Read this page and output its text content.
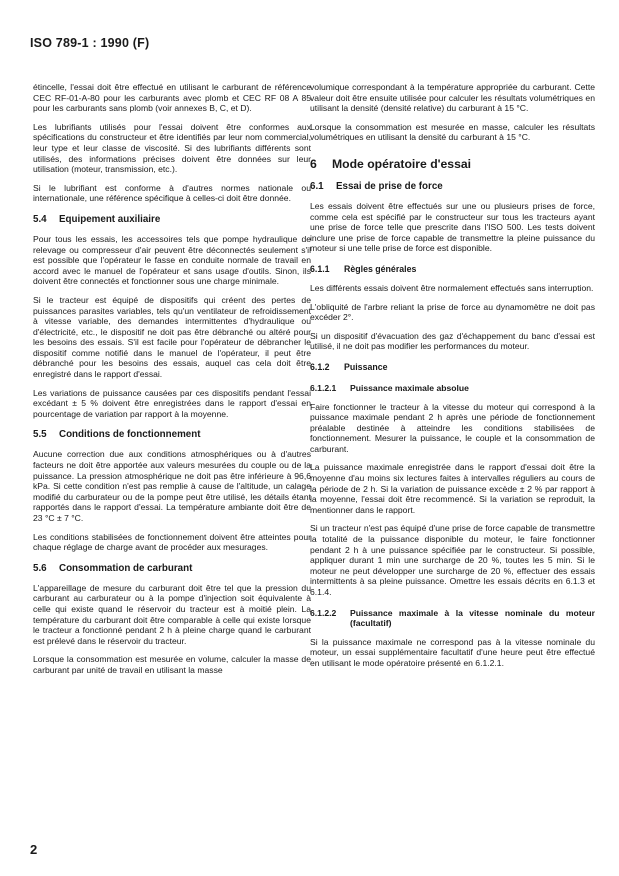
ISO 789-1 : 1990 (F)

étincelle, l'essai doit être effectué en utilisant le carburant de référence CEC RF-01-A-80 pour les carburants avec plomb et CEC RF 08 A 85 pour les carburants sans plomb (voir annexes B, C, et D).

Les lubrifiants utilisés pour l'essai doivent être conformes aux spécifications du constructeur et être identifiés par leur nom commercial, leur type et leur classe de viscosité. Si des lubrifiants différents sont utilisés, des informations précises doivent être données sur leur utilisation (moteur, transmission, etc.).

Si le lubrifiant est conforme à d'autres normes nationale ou internationale, une référence spécifique à celles-ci doit être donnée.

5.4 Equipement auxiliaire

Pour tous les essais, les accessoires tels que pompe hydraulique de relevage ou compresseur d'air peuvent être déconnectés seulement s'il est possible que l'opérateur le fasse en conduite normale de travail en accord avec le manuel de l'opérateur et sans usage d'outils. Sinon, ils doivent être connectés et fonctionner sous une charge minimale.

Si le tracteur est équipé de dispositifs qui créent des pertes de puissances parasites variables, tels qu'un ventilateur de refroidissement à vitesse variable, des demandes intermittentes d'hydraulique ou d'électricité, etc., le dispositif ne doit pas être débranché ou altéré pour les besoins des essais. S'il est facile pour l'opérateur de débrancher le dispositif comme notifié dans le manuel de l'opérateur, il peut être débranché pour les besoins des essais, auquel cas cela doit être enregistré dans le rapport d'essai.

Les variations de puissance causées par ces dispositifs pendant l'essai excédant ± 5 % doivent être enregistrées dans le rapport d'essai en pourcentage de variation par rapport à la moyenne.

5.5 Conditions de fonctionnement

Aucune correction due aux conditions atmosphériques ou à d'autres facteurs ne doit être apportée aux valeurs mesurées du couple ou de la puissance. La pression atmosphérique ne doit pas être inférieure à 96,6 kPa. Si cette condition n'est pas remplie à cause de l'altitude, un calage modifié du carburateur ou de la pompe peut être utilisé, les détails étant rapportés dans le rapport d'essai. La température ambiante doit être de 23 °C ± 7 °C.

Les conditions stabilisées de fonctionnement doivent être atteintes pour chaque réglage de charge avant de procéder aux mesurages.

5.6 Consommation de carburant

L'appareillage de mesure du carburant doit être tel que la pression du carburant au carburateur ou à la pompe d'injection soit équivalente à celle qui existe quand le réservoir du tracteur est à moitié plein. La température du carburant doit être comparable à celle qui existe lorsque le tracteur a fonctionné pendant 2 h à pleine charge quand le carburant est prélevé dans le réservoir du tracteur.

Lorsque la consommation est mesurée en volume, calculer la masse de carburant par unité de travail en utilisant la masse

volumique correspondant à la température appropriée du carburant. Cette valeur doit être ensuite utilisée pour calculer les résultats volumétriques en utilisant la densité (densité relative) du carburant à 15 °C.

Lorsque la consommation est mesurée en masse, calculer les résultats volumétriques en utilisant la densité du carburant à 15 °C.

6 Mode opératoire d'essai
6.1 Essai de prise de force

Les essais doivent être effectués sur une ou plusieurs prises de force, comme cela est spécifié par le constructeur sur tous les tracteurs ayant une prise de force telle que prescrite dans l'ISO 500. Les tests doivent inclure une prise de force capable de transmettre la pleine puissance du moteur si une telle prise de force est disponible.

6.1.1 Règles générales

Les différents essais doivent être normalement effectués sans interruption.

L'obliquité de l'arbre reliant la prise de force au dynamomètre ne doit pas excéder 2°.

Si un dispositif d'évacuation des gaz d'échappement du banc d'essai est utilisé, il ne doit pas modifier les performances du moteur.

6.1.2 Puissance
6.1.2.1	Puissance maximale absolue

Faire fonctionner le tracteur à la vitesse du moteur qui correspond à la puissance maximale pendant 2 h après une période de fonctionnement préalable destinée à atteindre les conditions stabilisées de fonctionnement. Mesurer la puissance, le couple et la consommation de carburant.

La puissance maximale enregistrée dans le rapport d'essai doit être la moyenne d'au moins six lectures faites à intervalles réguliers au cours de la période de 2 h. Si la variation de puissance excède ± 2 % par rapport à la moyenne, l'essai doit être recommencé. Si la variation se reproduit, la mentionner dans le rapport.

Si un tracteur n'est pas équipé d'une prise de force capable de transmettre la totalité de la puissance disponible du moteur, le faire fonctionner pendant 2 h à une puissance spécifiée par le constructeur. Si possible, appliquer durant 1 min une surcharge de 20 %, toutes les 5 min. Si le moteur ne peut développer une surcharge de 20 %, effectuer des essais intermittents à sa pleine puissance. Omettre les essais décrits en 6.1.3 et 6.1.4.

6.1.2.2	Puissance maximale à la vitesse nominale du moteur (facultatif)

Si la puissance maximale ne correspond pas à la vitesse nominale du moteur, un essai supplémentaire facultatif d'une heure peut être effectué en utilisant le mode opératoire présenté en 6.1.2.1.

2
